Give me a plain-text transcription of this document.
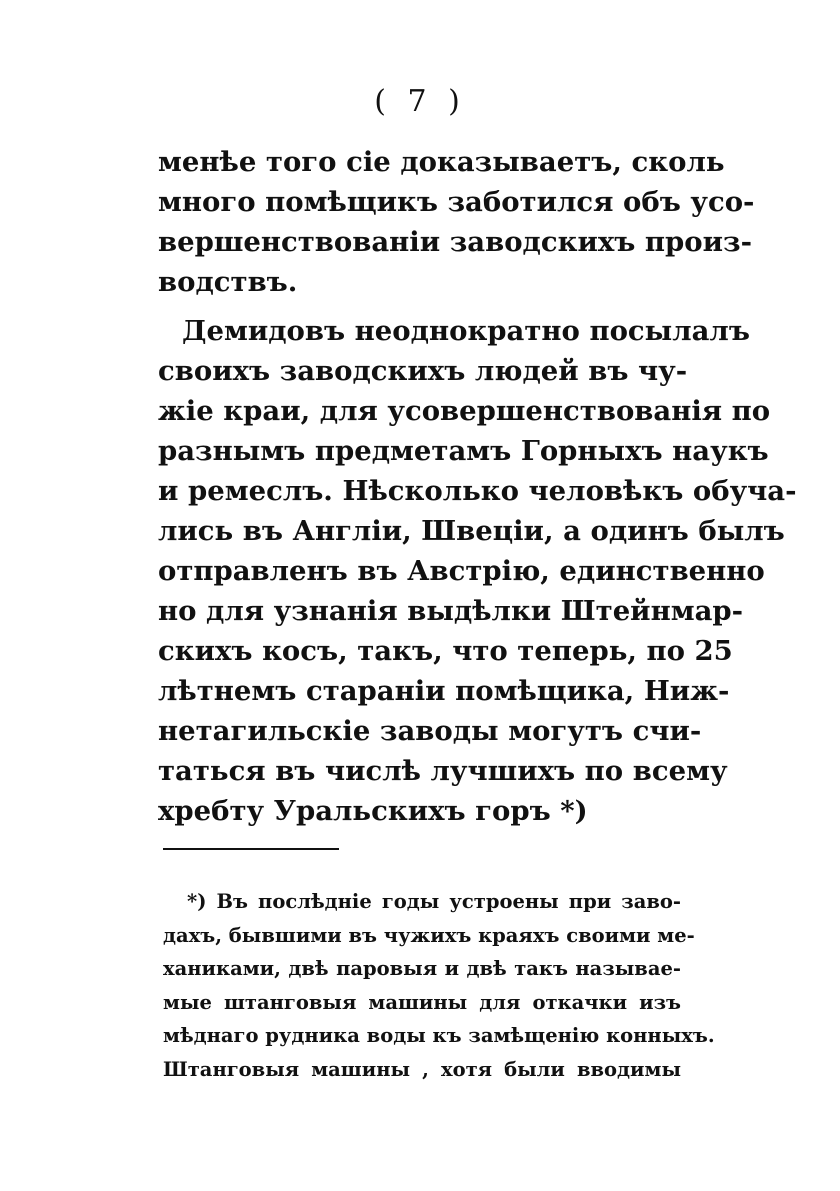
( 7 )
менѣе того сіе доказываетъ, сколь
много помѣщикъ заботился объ усо-
вершенствованіи заводскихъ произ-
водствъ.
Демидовъ неоднократно посылалъ
своихъ заводскихъ людей въ чу-
жіе краи, для усовершенствованія по
разнымъ предметамъ Горныхъ наукъ
и ремеслъ. Нѣсколько человѣкъ обуча-
лись въ Англіи, Швеціи, а одинъ былъ
отправленъ въ Австрію, единственно
но для узнанія выдѣлки Штейнмар-
скихъ косъ, такъ, что теперь, по 25
лѣтнемъ стараніи помѣщика, Ниж-
нетагильскіе заводы могутъ счи-
таться въ числѣ лучшихъ по всему
хребту Уральскихъ горъ *)
*) Въ послѣдніе годы устроены при заво-
дахъ, бывшими въ чужихъ краяхъ своими ме-
ханиками, двѣ паровыя и двѣ такъ называе-
мые штанговыя машины для откачки изъ
мѣднаго рудника воды къ замѣщенію конныхъ.
Штанговыя машины , хотя были вводимы
